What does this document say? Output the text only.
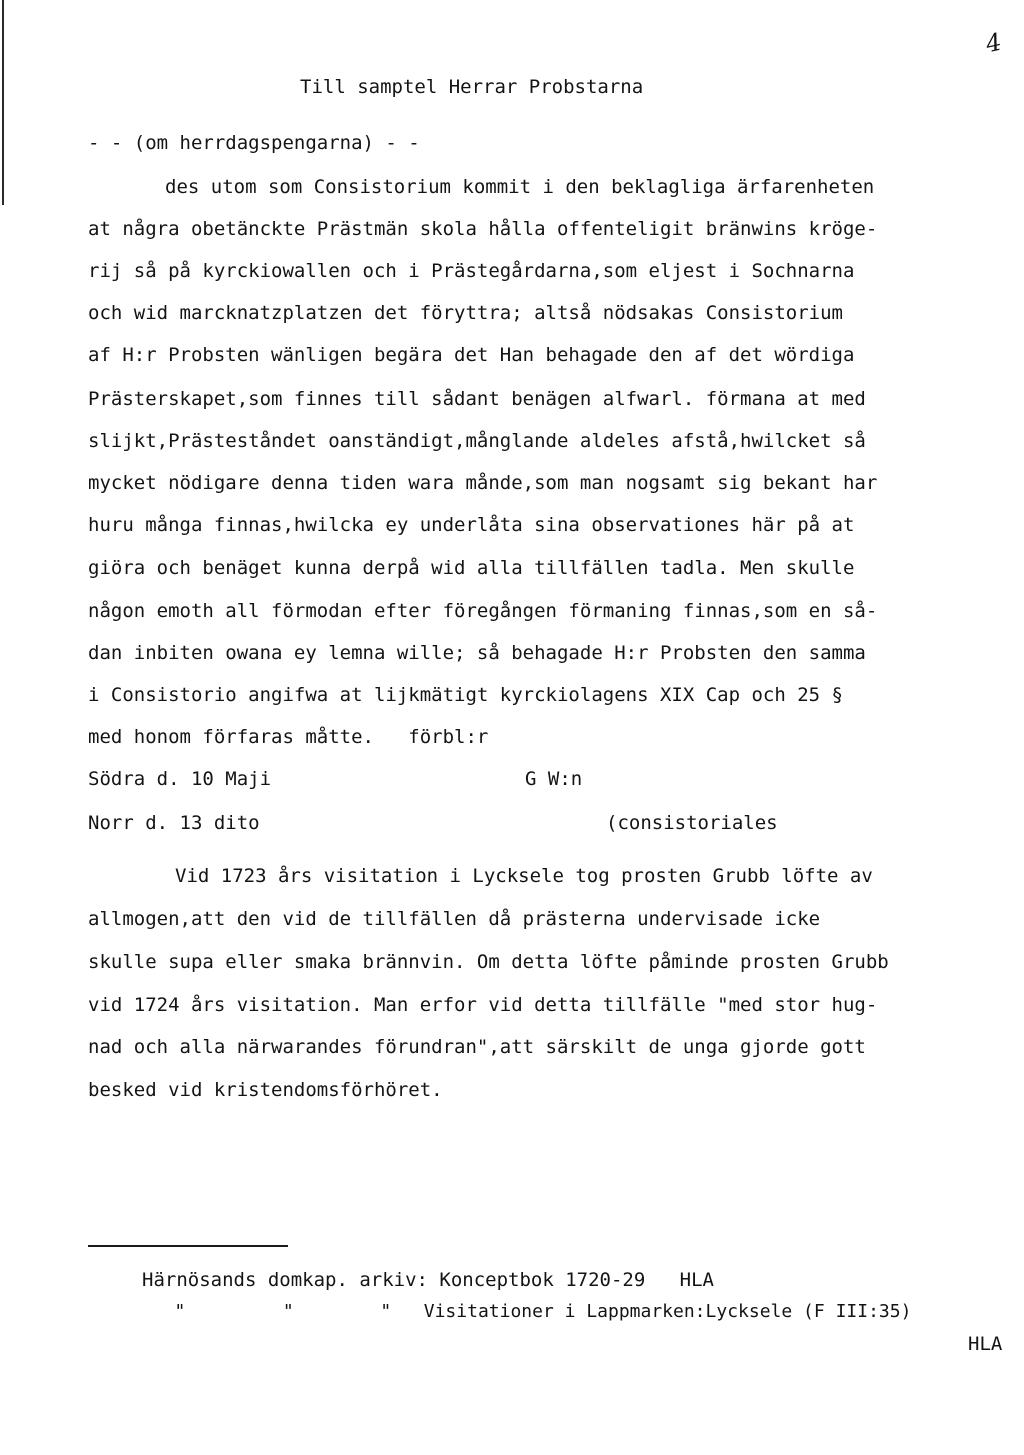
4
Till samptel Herrar Probstarna
- - (om herrdagspengarna) - -
des utom som Consistorium kommit i den beklagliga ärfarenheten
at några obetänckte Prästmän skola hålla offenteligit bränwins kröge-
rij så på kyrckiowallen och i Prästegårdarna,som eljest i Sochnarna
och wid marcknatzplatzen det föryttra; altså nödsakas Consistorium
af H:r Probsten wänligen begära det Han behagade den af det wördiga
Prästerskapet,som finnes till sådant benägen alfwarl. förmana at med
slijkt,Prästeståndet oanständigt,månglande aldeles afstå,hwilcket så
mycket nödigare denna tiden wara månde,som man nogsamt sig bekant har
huru många finnas,hwilcka ey underlåta sina observationes här på at
giöra och benäget kunna derpå wid alla tillfällen tadla. Men skulle
någon emoth all förmodan efter föregången förmaning finnas,som en så-
dan inbiten owana ey lemna wille; så behagade H:r Probsten den samma
i Consistorio angifwa at lijkmätigt kyrckiolagens XIX Cap och 25 §
med honom förfaras måtte.   förbl:r
Södra d. 10 Maji	G W:n
Norr d. 13 dito	(consistoriales
Vid 1723 års visitation i Lycksele tog prosten Grubb löfte av
allmogen,att den vid de tillfällen då prästerna undervisade icke
skulle supa eller smaka brännvin. Om detta löfte påminde prosten Grubb
vid 1724 års visitation. Man erfor vid detta tillfälle "med stor hug-
nad och alla närwarandes förundran",att särskilt de unga gjorde gott
besked vid kristendomsförhöret.
Härnösands domkap. arkiv: Konceptbok 1720-29   HLA
"         "        "   Visitationer i Lappmarken:Lycksele (F III:35)
HLA
